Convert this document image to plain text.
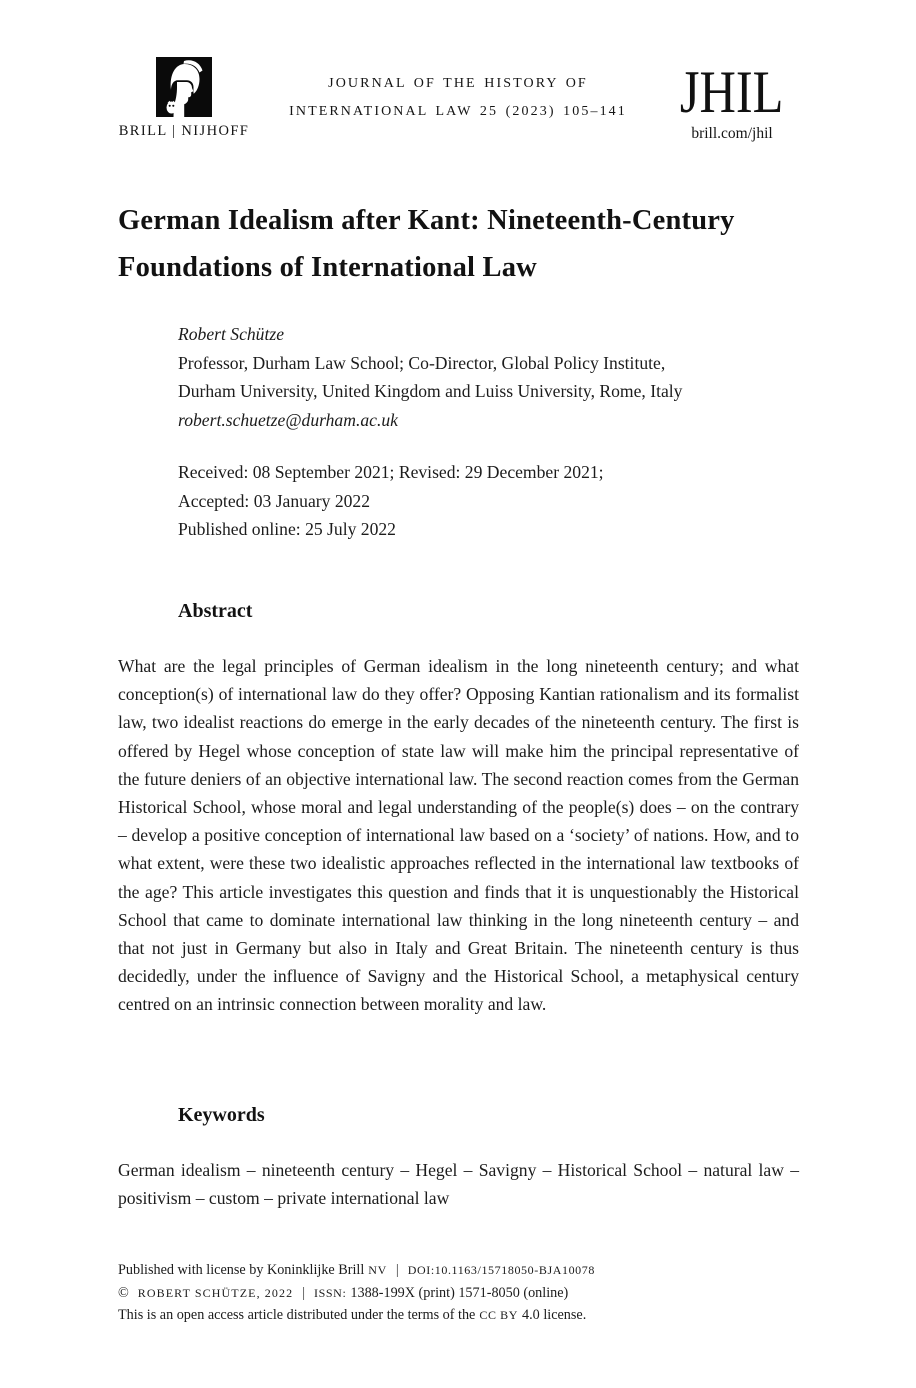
BRILL | NIJHOFF
JOURNAL OF THE HISTORY OF
INTERNATIONAL LAW 25 (2023) 105–141 JHIL
brill.com/jhil
German Idealism after Kant: Nineteenth-Century
Foundations of International Law
Robert Schütze
Professor, Durham Law School; Co-Director, Global Policy Institute,
Durham University, United Kingdom and Luiss University, Rome, Italy
robert.schuetze@durham.ac.uk
Received: 08 September 2021; Revised: 29 December 2021;
Accepted: 03 January 2022
Published online: 25 July 2022
Abstract
What are the legal principles of German idealism in the long nineteenth century; and what conception(s) of international law do they offer? Opposing Kantian rationalism and its formalist law, two idealist reactions do emerge in the early decades of the nineteenth century. The first is offered by Hegel whose conception of state law will make him the principal representative of the future deniers of an objective international law. The second reaction comes from the German Historical School, whose moral and legal understanding of the people(s) does – on the contrary – develop a positive conception of international law based on a ‘society’ of nations. How, and to what extent, were these two idealistic approaches reflected in the international law textbooks of the age? This article investigates this question and finds that it is unquestionably the Historical School that came to dominate international law thinking in the long nineteenth century – and that not just in Germany but also in Italy and Great Britain. The nineteenth century is thus decidedly, under the influence of Savigny and the Historical School, a metaphysical century centred on an intrinsic connection between morality and law.
Keywords
German idealism – nineteenth century – Hegel – Savigny – Historical School – natural law – positivism – custom – private international law
Published with license by Koninklijke Brill NV | DOI:10.1163/15718050-BJA10078
© ROBERT SCHÜTZE, 2022 | ISSN: 1388-199X (print) 1571-8050 (online)
This is an open access article distributed under the terms of the CC BY 4.0 license.
